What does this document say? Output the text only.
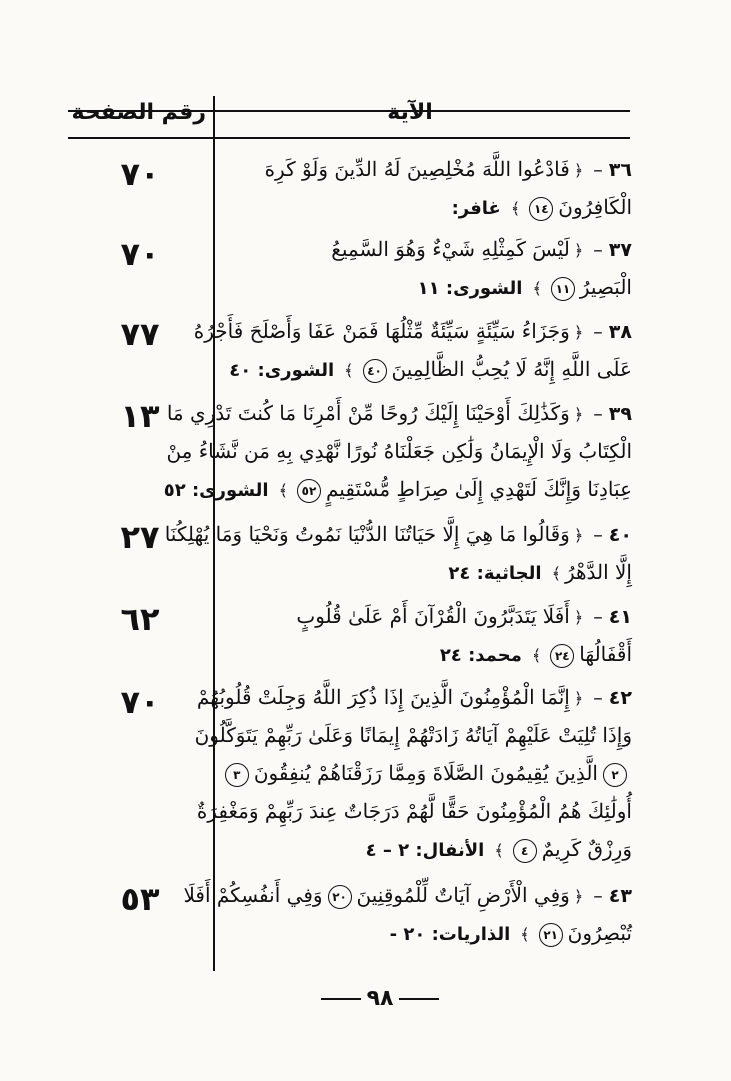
رقم الصفحة	الآية
٧٠	٣٦ – ﴿فَادْعُوا اللَّهَ مُخْلِصِينَ لَهُ الدِّينَ وَلَوْ كَرِهَ
الْكَافِرُونَ١٤﴾ غافر:
٧٠	٣٧ – ﴿لَيْسَ كَمِثْلِهِ شَيْءٌ وَهُوَ السَّمِيعُ
الْبَصِيرُ١١﴾ الشورى: ١١
٧٧	٣٨ – ﴿وَجَزَاءُ سَيِّئَةٍ سَيِّئَةٌ مِّثْلُهَا فَمَنْ عَفَا وَأَصْلَحَ فَأَجْرُهُ
عَلَى اللَّهِ إِنَّهُ لَا يُحِبُّ الظَّالِمِينَ٤٠﴾ الشورى: ٤٠
١٣	٣٩ – ﴿وَكَذَٰلِكَ أَوْحَيْنَا إِلَيْكَ رُوحًا مِّنْ أَمْرِنَا مَا كُنتَ تَدْرِي مَا
الْكِتَابُ وَلَا الْإِيمَانُ وَلَٰكِن جَعَلْنَاهُ نُورًا نَّهْدِي بِهِ مَن نَّشَاءُ مِنْ
عِبَادِنَا وَإِنَّكَ لَتَهْدِي إِلَىٰ صِرَاطٍ مُّسْتَقِيمٍ٥٢﴾ الشورى: ٥٢
٢٧	٤٠ – ﴿وَقَالُوا مَا هِيَ إِلَّا حَيَاتُنَا الدُّنْيَا نَمُوتُ وَنَحْيَا وَمَا يُهْلِكُنَا
إِلَّا الدَّهْرُ﴾ الجاثية: ٢٤
٦٢	٤١ – ﴿أَفَلَا يَتَدَبَّرُونَ الْقُرْآنَ أَمْ عَلَىٰ قُلُوبٍ
أَقْفَالُهَا٢٤﴾ محمد: ٢٤
٧٠	٤٢ – ﴿إِنَّمَا الْمُؤْمِنُونَ الَّذِينَ إِذَا ذُكِرَ اللَّهُ وَجِلَتْ قُلُوبُهُمْ
وَإِذَا تُلِيَتْ عَلَيْهِمْ آيَاتُهُ زَادَتْهُمْ إِيمَانًا وَعَلَىٰ رَبِّهِمْ يَتَوَكَّلُونَ
٢الَّذِينَ يُقِيمُونَ الصَّلَاةَ وَمِمَّا رَزَقْنَاهُمْ يُنفِقُونَ٣
أُولَٰئِكَ هُمُ الْمُؤْمِنُونَ حَقًّا لَّهُمْ دَرَجَاتٌ عِندَ رَبِّهِمْ وَمَغْفِرَةٌ
وَرِزْقٌ كَرِيمٌ٤﴾ الأنفال: ٢ – ٤
٥٣	٤٣ – ﴿وَفِي الْأَرْضِ آيَاتٌ لِّلْمُوقِنِينَ٢٠وَفِي أَنفُسِكُمْ أَفَلَا
تُبْصِرُونَ٢١﴾ الذاريات: ٢٠ -
٩٨
